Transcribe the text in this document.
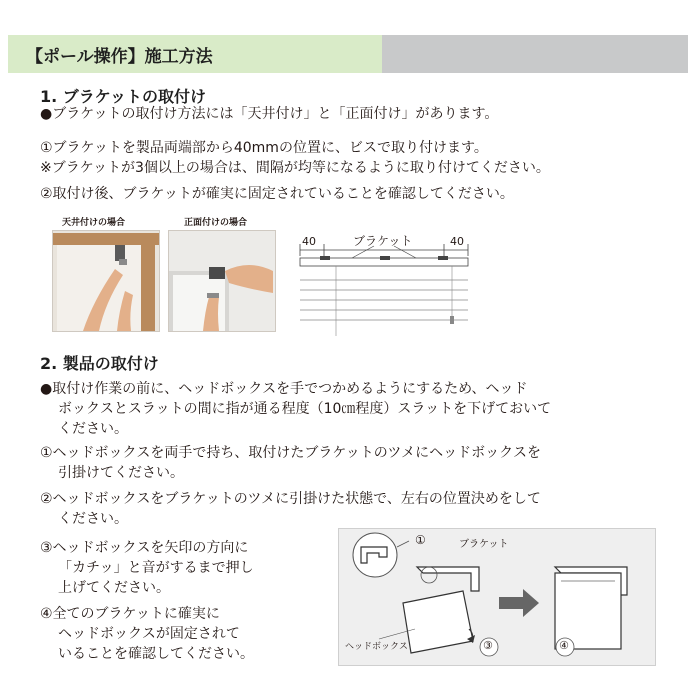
【ポール操作】施工方法
1. ブラケットの取付け
●ブラケットの取付け方法には「天井付け」と「正面付け」があります。
①ブラケットを製品両端部から40mmの位置に、ビスで取り付けます。
※ブラケットが3個以上の場合は、間隔が均等になるように取り付けてください。
②取付け後、ブラケットが確実に固定されていることを確認してください。
天井付けの場合	正面付けの場合
40	40
ブラケット
2. 製品の取付け
●取付け作業の前に、ヘッドボックスを手でつかめるようにするため、ヘッド
ボックスとスラットの間に指が通る程度（10㎝程度）スラットを下げておいて
ください。
①ヘッドボックスを両手で持ち、取付けたブラケットのツメにヘッドボックスを
引掛けてください。
②ヘッドボックスをブラケットのツメに引掛けた状態で、左右の位置決めをして
ください。
③ヘッドボックスを矢印の方向に
「カチッ」と音がするまで押し
上げてください。
④全てのブラケットに確実に
ヘッドボックスが固定されて
いることを確認してください。
①	ブラケット
ヘッドボックス	③	④
